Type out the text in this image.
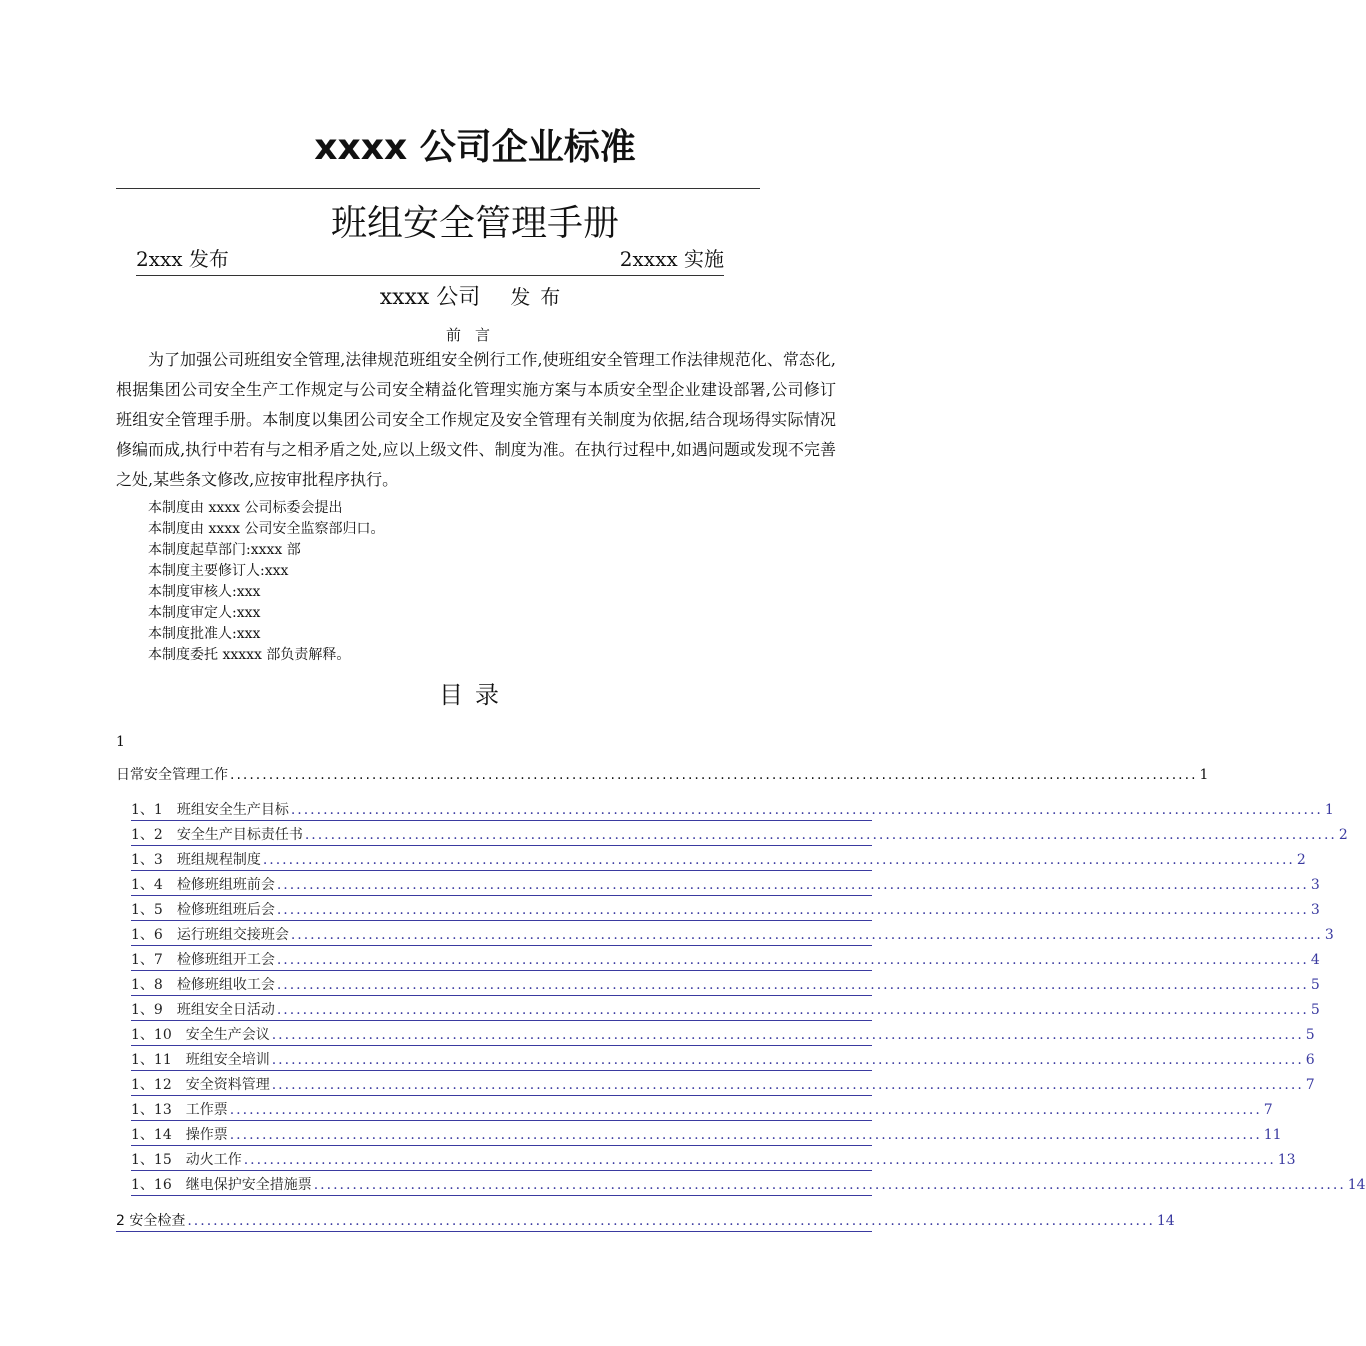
xxxx 公司企业标准
班组安全管理手册
2xxx 发布	2xxxx 实施
xxxx 公司 发布
前言

为了加强公司班组安全管理,法律规范班组安全例行工作,使班组安全管理工作法律规范化、常态化,根据集团公司安全生产工作规定与公司安全精益化管理实施方案与本质安全型企业建设部署,公司修订班组安全管理手册。本制度以集团公司安全工作规定及安全管理有关制度为依据,结合现场得实际情况修编而成,执行中若有与之相矛盾之处,应以上级文件、制度为准。在执行过程中,如遇问题或发现不完善之处,某些条文修改,应按审批程序执行。

本制度由 xxxx 公司标委会提出
本制度由 xxxx 公司安全监察部归口。
本制度起草部门:xxxx 部
本制度主要修订人:xxx
本制度审核人:xxx
本制度审定人:xxx
本制度批准人:xxx
本制度委托 xxxxx 部负责解释。
目录
1
日常安全管理工作 ...................................................................................................................................................... 1
1、1 班组安全生产目标 ................................................................................................................................................................ 1
1、2 安全生产目标责任书 ................................................................................................................................................................ 2
1、3 班组规程制度 ................................................................................................................................................................ 2
1、4 检修班组班前会 ................................................................................................................................................................ 3
1、5 检修班组班后会 ................................................................................................................................................................ 3
1、6 运行班组交接班会 ................................................................................................................................................................ 3
1、7 检修班组开工会 ................................................................................................................................................................ 4
1、8 检修班组收工会 ................................................................................................................................................................ 5
1、9 班组安全日活动 ................................................................................................................................................................ 5
1、10 安全生产会议 ................................................................................................................................................................ 5
1、11 班组安全培训 ................................................................................................................................................................ 6
1、12 安全资料管理 ................................................................................................................................................................ 7
1、13 工作票 ................................................................................................................................................................ 7
1、14 操作票 ................................................................................................................................................................ 11
1、15 动火工作 ................................................................................................................................................................ 13
1、16 继电保护安全措施票 ................................................................................................................................................................ 14
2 安全检查 ...................................................................................................................................................... 14
